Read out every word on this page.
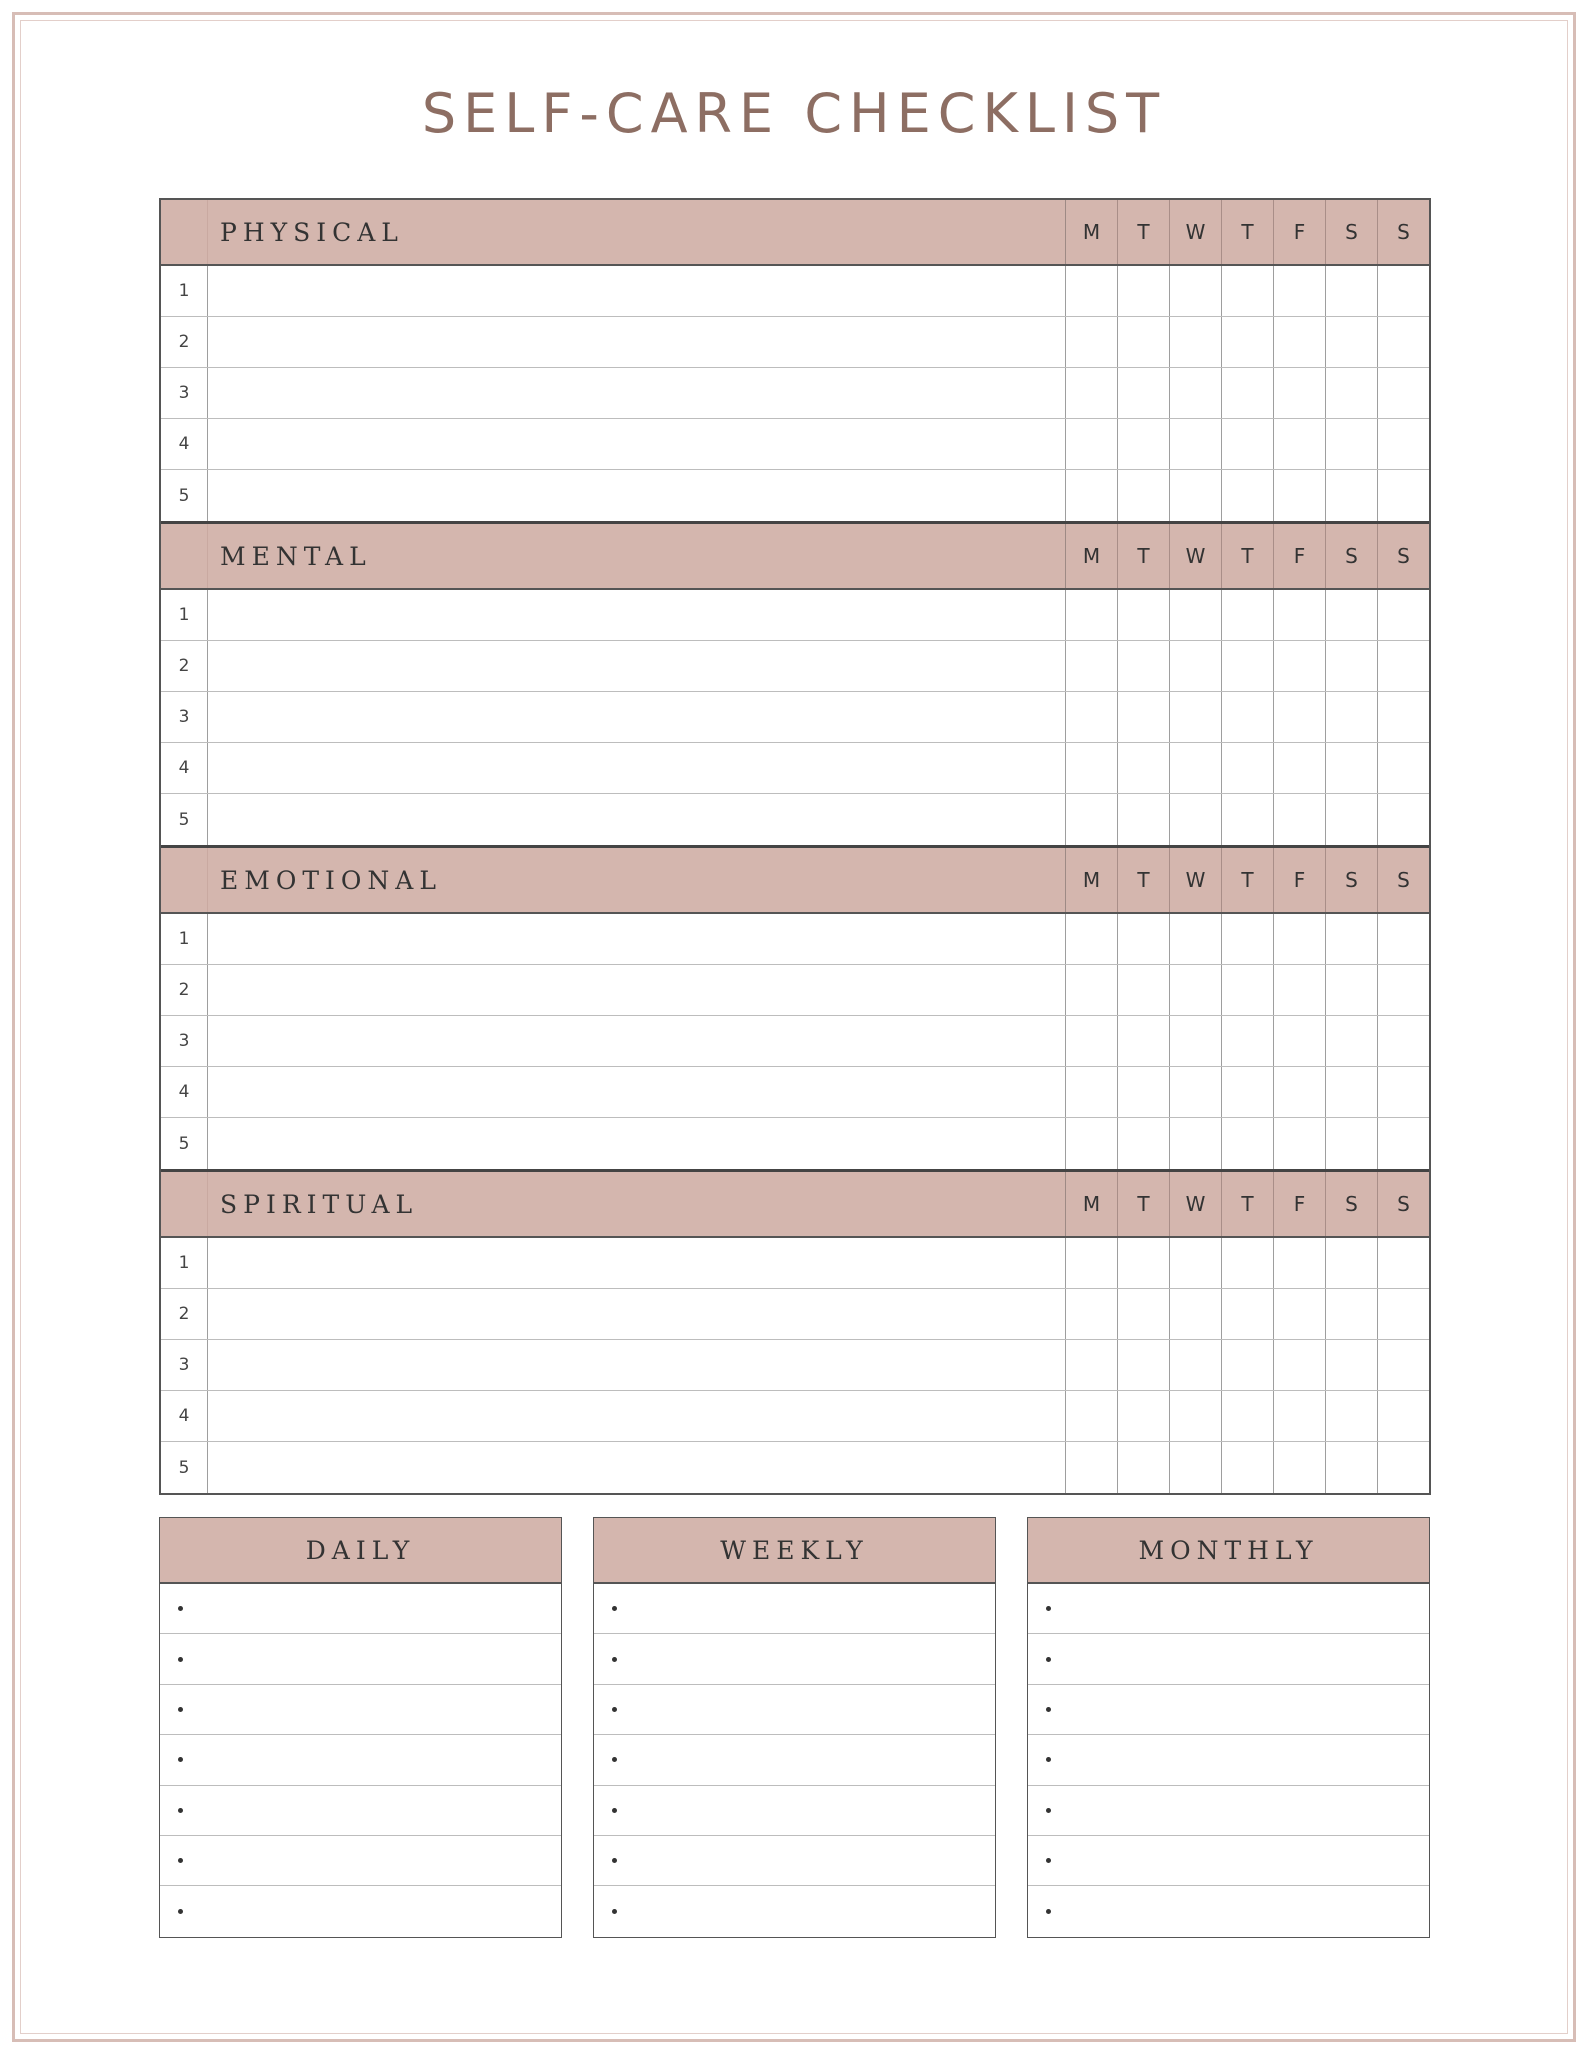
SELF-CARE CHECKLIST
PHYSICAL	M	T	W	T	F	S	S
1
2
3
4
5
MENTAL	M	T	W	T	F	S	S
1
2
3
4
5
EMOTIONAL	M	T	W	T	F	S	S
1
2
3
4
5
SPIRITUAL	M	T	W	T	F	S	S
1
2
3
4
5
DAILY	WEEKLY	MONTHLY
